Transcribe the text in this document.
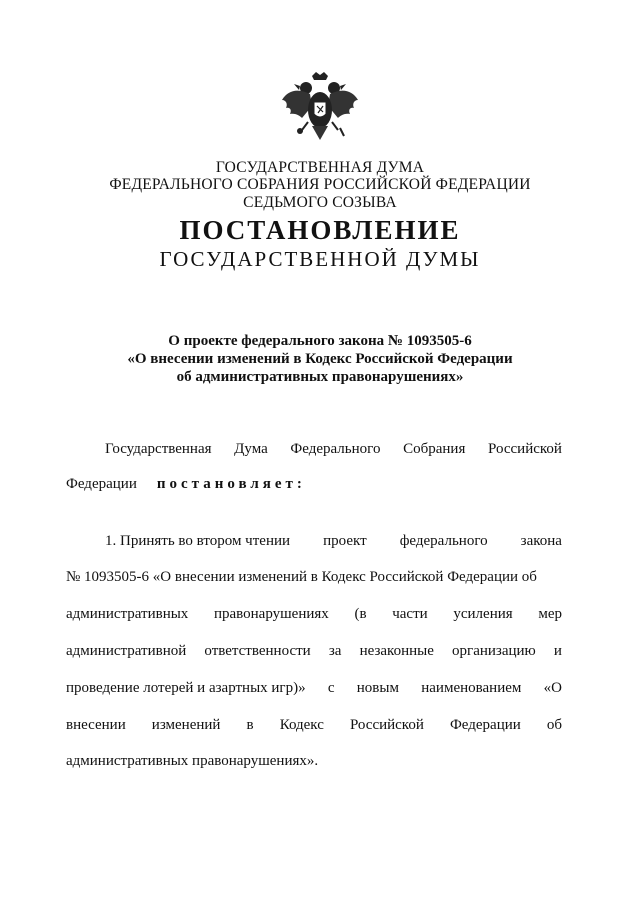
ГОСУДАРСТВЕННАЯ ДУМА
ФЕДЕРАЛЬНОГО СОБРАНИЯ РОССИЙСКОЙ ФЕДЕРАЦИИ
СЕДЬМОГО СОЗЫВА
ПОСТАНОВЛЕНИЕ
ГОСУДАРСТВЕННОЙ ДУМЫ
О проекте федерального закона № 1093505-6
«О внесении изменений в Кодекс Российской Федерации
об административных правонарушениях»
Государственная Дума Федерального Собрания Российской
Федерации постановляет:
1. Принять во втором чтении проект федерального закона
№ 1093505-6 «О внесении изменений в Кодекс Российской Федерации об
административных правонарушениях (в части усиления мер
административной ответственности за незаконные организацию и
проведение лотерей и азартных игр)» с новым наименованием «О
внесении изменений в Кодекс Российской Федерации об
административных правонарушениях».
